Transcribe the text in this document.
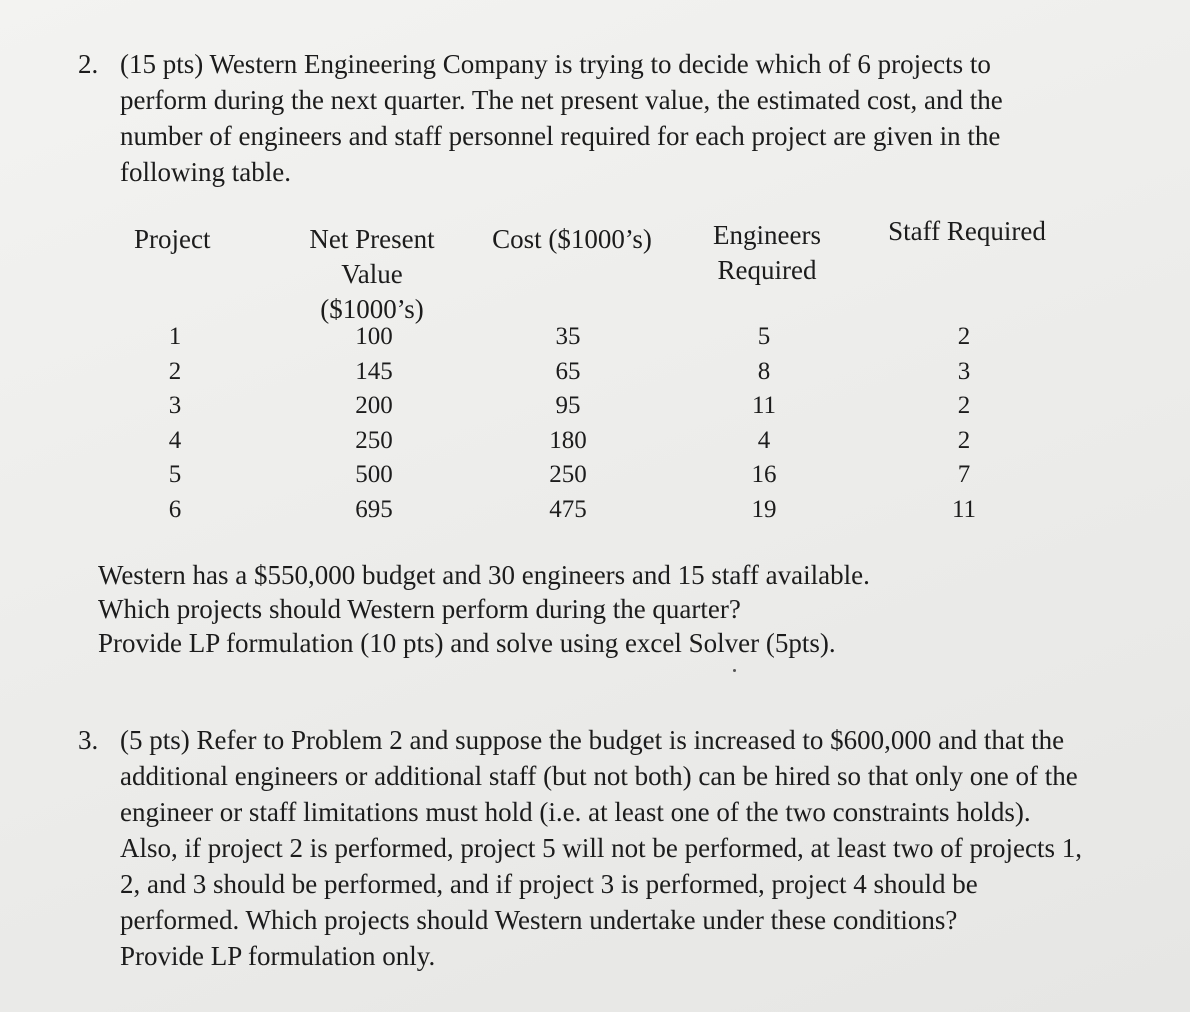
2. (15 pts) Western Engineering Company is trying to decide which of 6 projects to
perform during the next quarter. The net present value, the estimated cost, and the
number of engineers and staff personnel required for each project are given in the
following table.
Project	Net Present
Value
($1000’s)
Cost ($1000’s)	Engineers
Required
Staff Required
1
2
3
4
5
6
100
145
200
250
500
695
35
65
95
180
250
475
5
8
11
4
16
19
2
3
2
2
7
11
Western has a $550,000 budget and 30 engineers and 15 staff available.
Which projects should Western perform during the quarter?
Provide LP formulation (10 pts) and solve using excel Solver (5pts).
3. (5 pts) Refer to Problem 2 and suppose the budget is increased to $600,000 and that the
additional engineers or additional staff (but not both) can be hired so that only one of the
engineer or staff limitations must hold (i.e. at least one of the two constraints holds).
Also, if project 2 is performed, project 5 will not be performed, at least two of projects 1,
2, and 3 should be performed, and if project 3 is performed, project 4 should be
performed. Which projects should Western undertake under these conditions?
Provide LP formulation only.
